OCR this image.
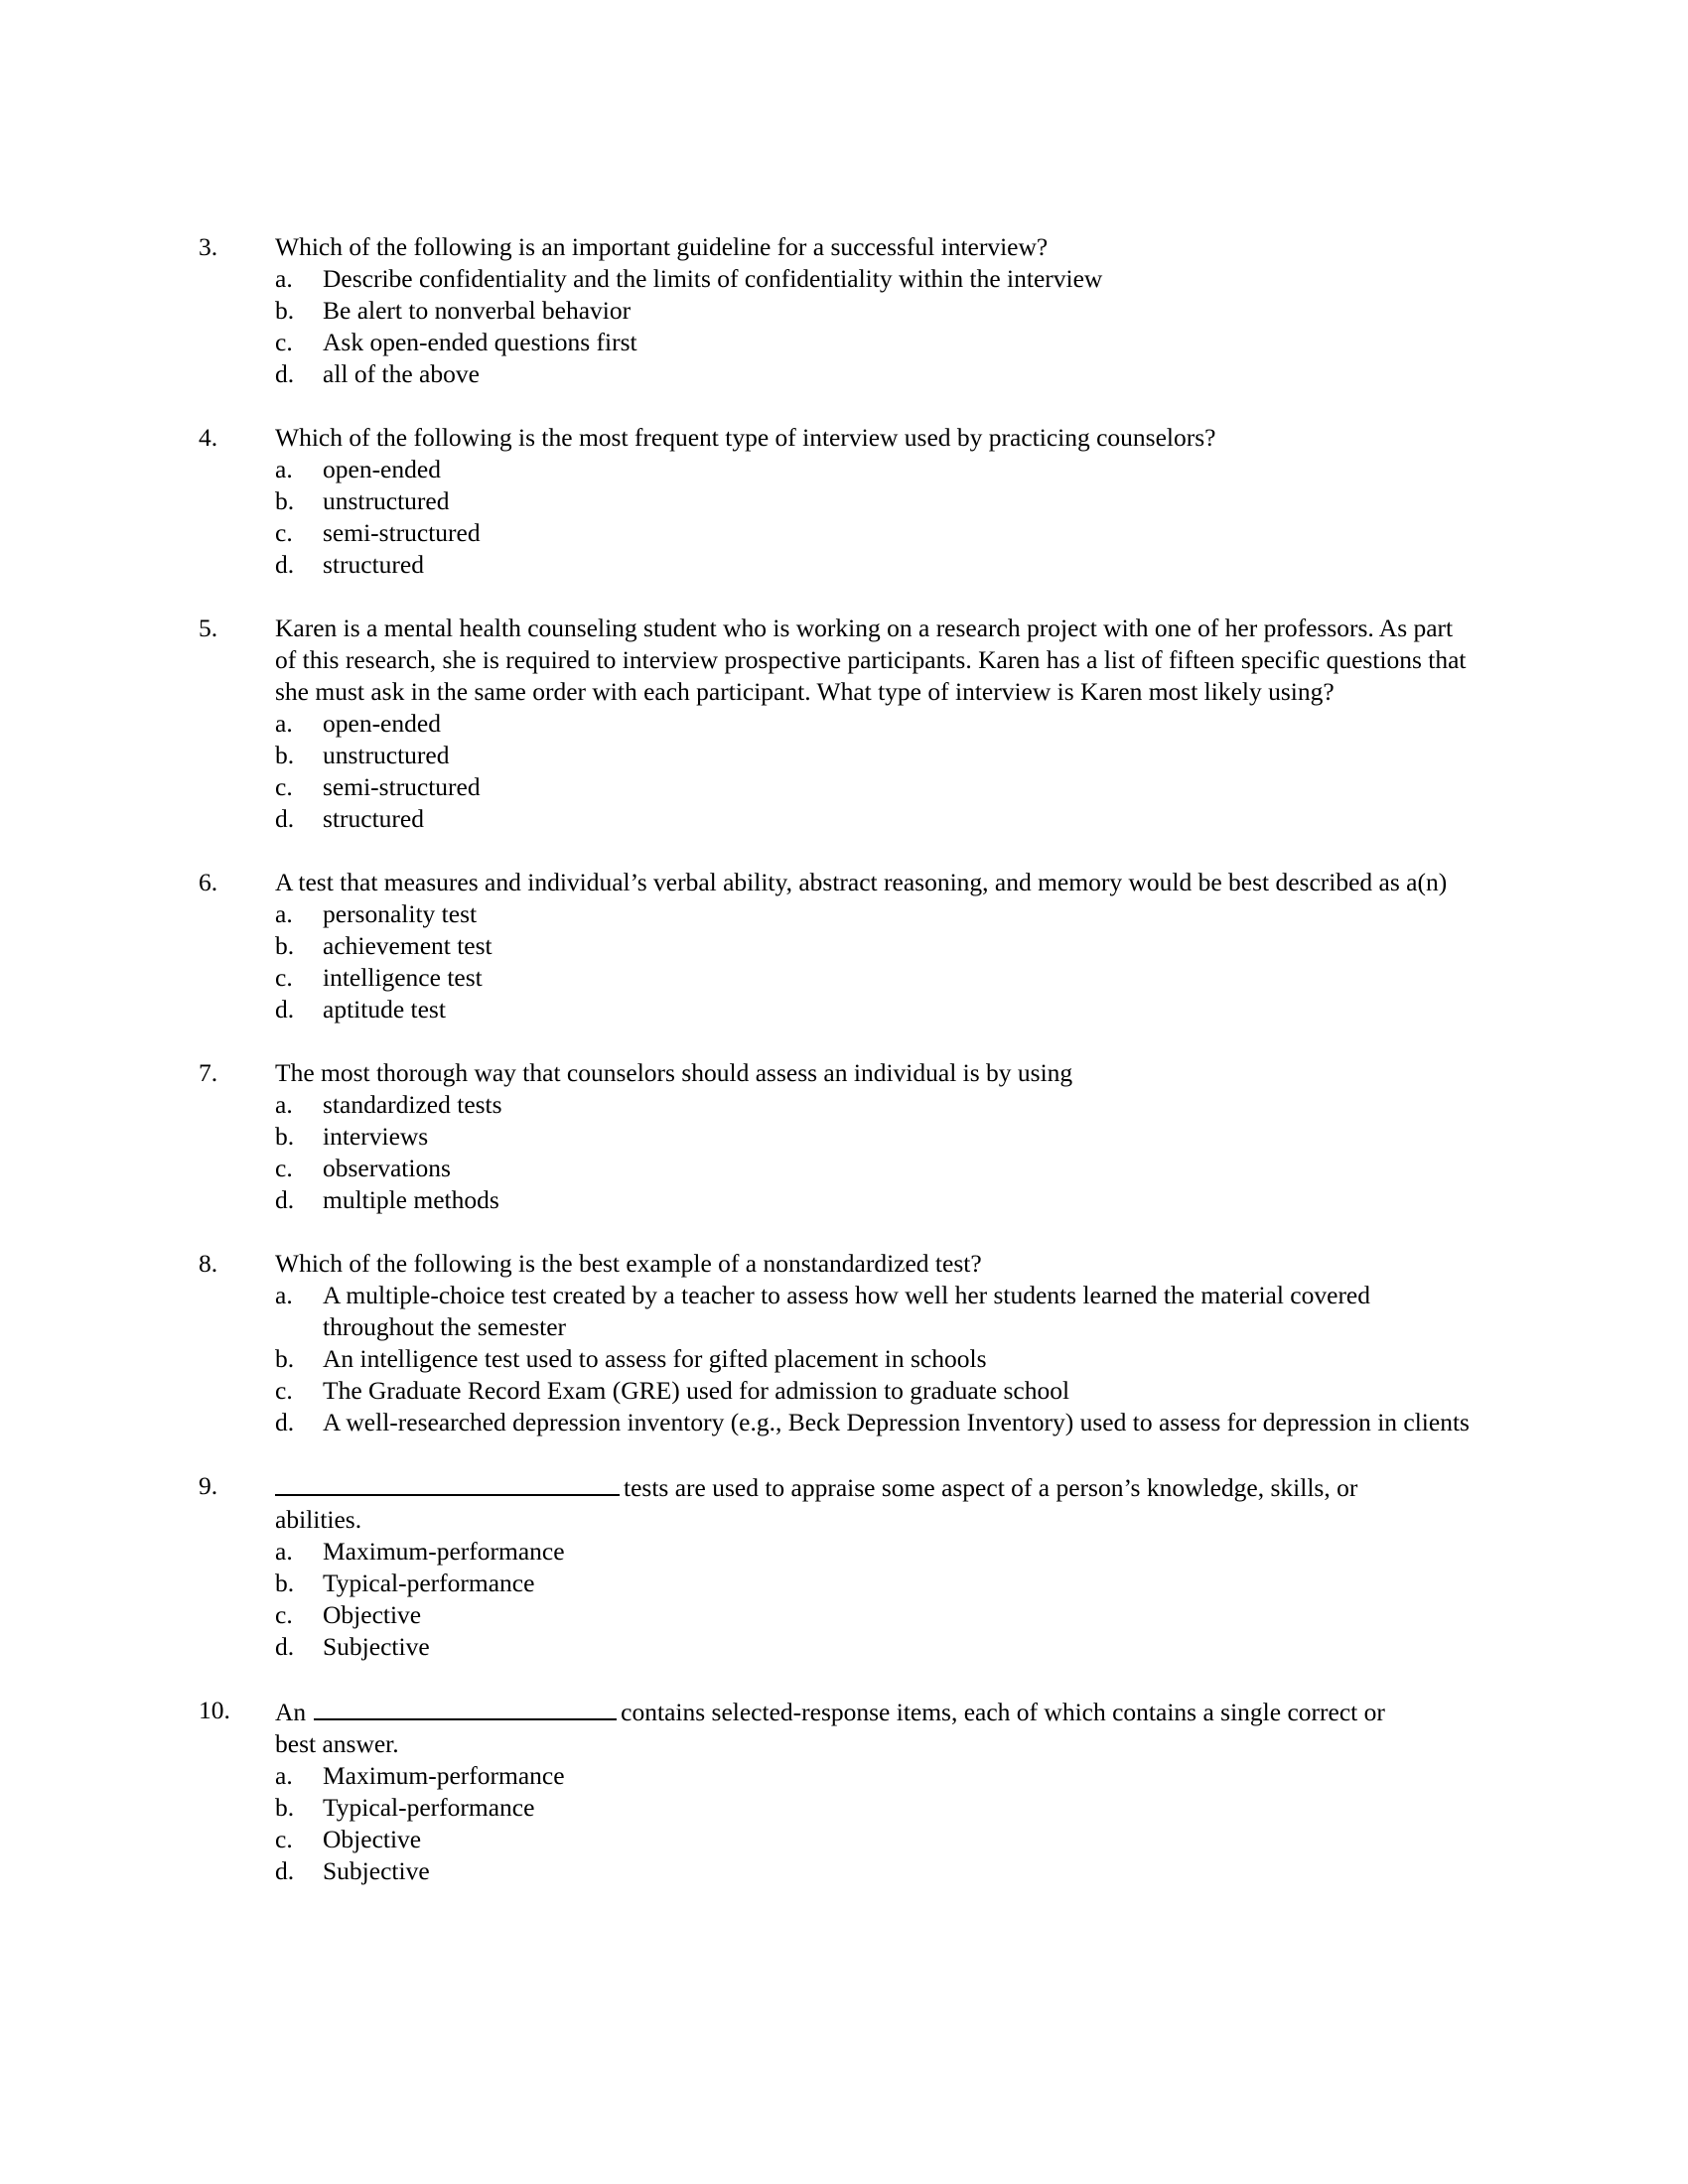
3. Which of the following is an important guideline for a successful interview?
a. Describe confidentiality and the limits of confidentiality within the interview
b. Be alert to nonverbal behavior
c. Ask open-ended questions first
d. all of the above
4. Which of the following is the most frequent type of interview used by practicing counselors?
a. open-ended
b. unstructured
c. semi-structured
d. structured
5. Karen is a mental health counseling student who is working on a research project with one of her professors. As part of this research, she is required to interview prospective participants. Karen has a list of fifteen specific questions that she must ask in the same order with each participant. What type of interview is Karen most likely using?
a. open-ended
b. unstructured
c. semi-structured
d. structured
6. A test that measures and individual’s verbal ability, abstract reasoning, and memory would be best described as a(n)
a. personality test
b. achievement test
c. intelligence test
d. aptitude test
7. The most thorough way that counselors should assess an individual is by using
a. standardized tests
b. interviews
c. observations
d. multiple methods
8. Which of the following is the best example of a nonstandardized test?
a. A multiple-choice test created by a teacher to assess how well her students learned the material covered throughout the semester
b. An intelligence test used to assess for gifted placement in schools
c. The Graduate Record Exam (GRE) used for admission to graduate school
d. A well-researched depression inventory (e.g., Beck Depression Inventory) used to assess for depression in clients
9.	tests are used to appraise some aspect of a person’s knowledge, skills, or
abilities.
a. Maximum-performance
b. Typical-performance
c. Objective
d. Subjective
10. An	contains selected-response items, each of which contains a single correct or
best answer.
a. Maximum-performance
b. Typical-performance
c. Objective
d. Subjective
